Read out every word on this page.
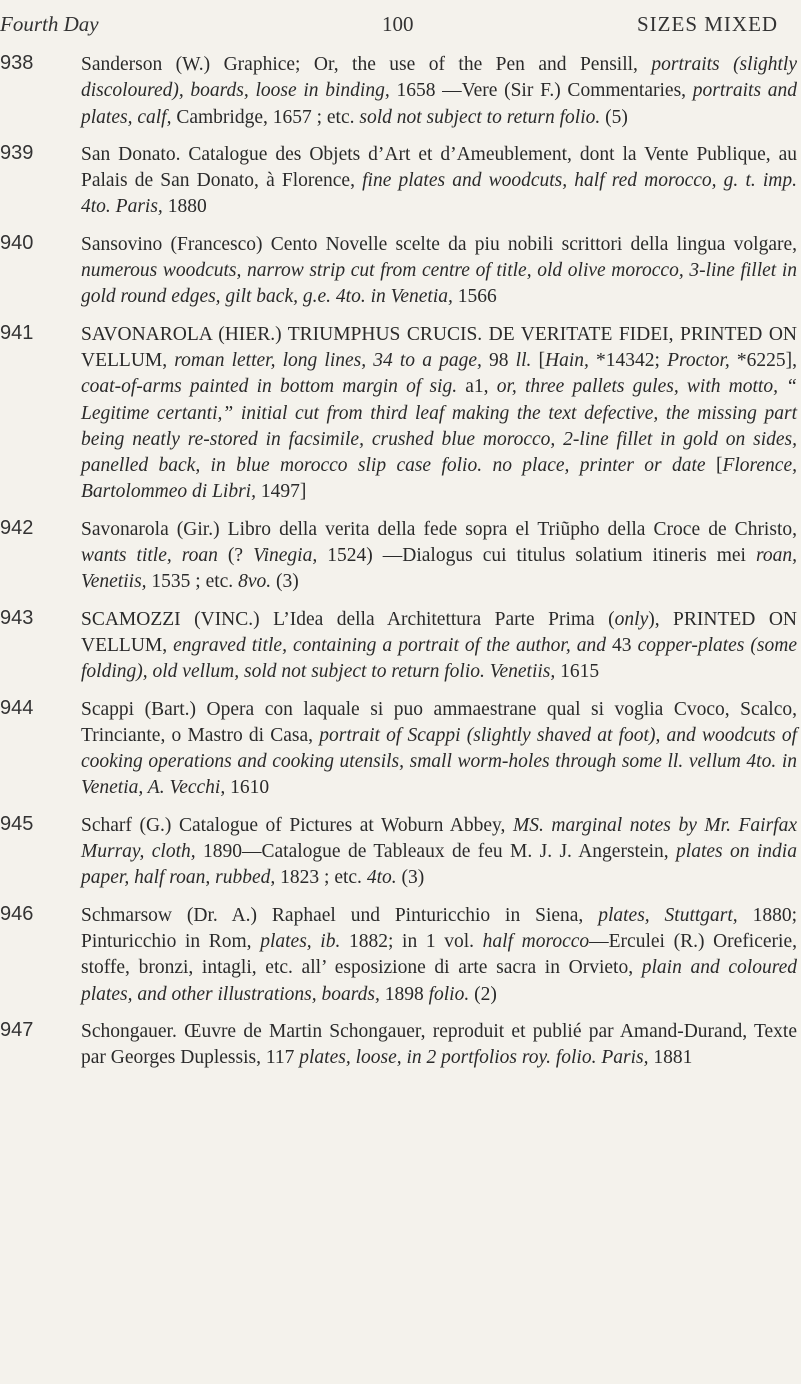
Fourth Day	100	SIZES MIXED
938 Sanderson (W.) Graphice; Or, the use of the Pen and Pensill, portraits (slightly discoloured), boards, loose in binding, 1658 —Vere (Sir F.) Commentaries, portraits and plates, calf, Cambridge, 1657 ; etc. sold not subject to return folio. (5)
939 San Donato. Catalogue des Objets d’Art et d’Ameublement, dont la Vente Publique, au Palais de San Donato, à Florence, fine plates and woodcuts, half red morocco, g. t. imp. 4to. Paris, 1880
940 Sansovino (Francesco) Cento Novelle scelte da piu nobili scrittori della lingua volgare, numerous woodcuts, narrow strip cut from centre of title, old olive morocco, 3-line fillet in gold round edges, gilt back, g.e. 4to. in Venetia, 1566
941 SAVONAROLA (HIER.) TRIUMPHUS CRUCIS. DE VERITATE FIDEI, PRINTED ON VELLUM, roman letter, long lines, 34 to a page, 98 ll. [Hain, *14342; Proctor, *6225], coat-of-arms painted in bottom margin of sig. a1, or, three pallets gules, with motto, “ Legitime certanti,” initial cut from third leaf making the text defective, the missing part being neatly re-stored in facsimile, crushed blue morocco, 2-line fillet in gold on sides, panelled back, in blue morocco slip case folio. no place, printer or date [Florence, Bartolommeo di Libri, 1497]
942 Savonarola (Gir.) Libro della verita della fede sopra el Triũpho della Croce de Christo, wants title, roan (? Vinegia, 1524) —Dialogus cui titulus solatium itineris mei roan, Venetiis, 1535 ; etc. 8vo. (3)
943 SCAMOZZI (VINC.) L’Idea della Architettura Parte Prima (only), PRINTED ON VELLUM, engraved title, containing a portrait of the author, and 43 copper-plates (some folding), old vellum, sold not subject to return folio. Venetiis, 1615
944 Scappi (Bart.) Opera con laquale si puo ammaestrane qual si voglia Cvoco, Scalco, Trinciante, o Mastro di Casa, portrait of Scappi (slightly shaved at foot), and woodcuts of cooking operations and cooking utensils, small worm-holes through some ll. vellum 4to. in Venetia, A. Vecchi, 1610
945 Scharf (G.) Catalogue of Pictures at Woburn Abbey, MS. marginal notes by Mr. Fairfax Murray, cloth, 1890—Catalogue de Tableaux de feu M. J. J. Angerstein, plates on india paper, half roan, rubbed, 1823 ; etc. 4to. (3)
946 Schmarsow (Dr. A.) Raphael und Pinturicchio in Siena, plates, Stuttgart, 1880; Pinturicchio in Rom, plates, ib. 1882; in 1 vol. half morocco—Erculei (R.) Oreficerie, stoffe, bronzi, intagli, etc. all’ esposizione di arte sacra in Orvieto, plain and coloured plates, and other illustrations, boards, 1898 folio. (2)
947 Schongauer. Œuvre de Martin Schongauer, reproduit et publié par Amand-Durand, Texte par Georges Duplessis, 117 plates, loose, in 2 portfolios roy. folio. Paris, 1881
